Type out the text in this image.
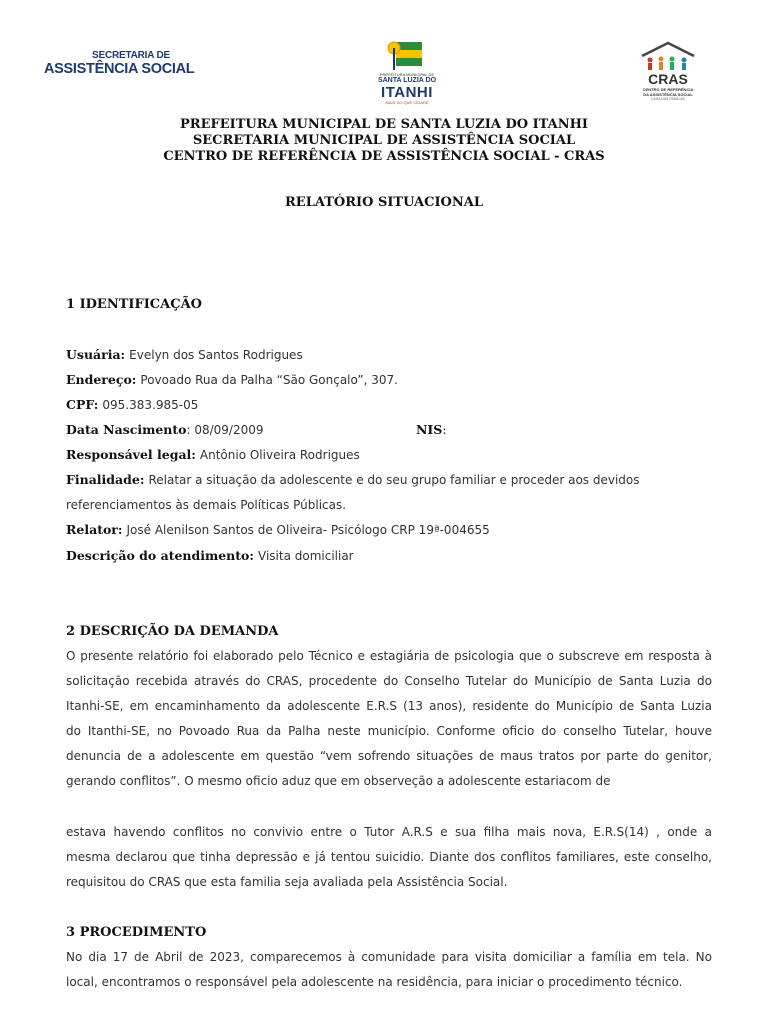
SECRETARIA DE
ASSISTÊNCIA SOCIAL	PREFEITURA MUNICIPAL DE
SANTA LUZIA DO
ITANHI
MAIS DO QUE CIDADE
CRAS
CENTRO DE REFERÊNCIA
DA ASSISTÊNCIA SOCIAL
CASA DAS FAMÍLIAS
PREFEITURA MUNICIPAL DE SANTA LUZIA DO ITANHI
SECRETARIA MUNICIPAL DE ASSISTÊNCIA SOCIAL
CENTRO DE REFERÊNCIA DE ASSISTÊNCIA SOCIAL - CRAS
RELATÓRIO SITUACIONAL
1 IDENTIFICAÇÃO
Usuária: Evelyn dos Santos Rodrigues
Endereço: Povoado Rua da Palha “São Gonçalo”, 307.
CPF: 095.383.985-05
Data Nascimento: 08/09/2009	NIS:
Responsável legal: Antônio Oliveira Rodrigues
Finalidade: Relatar a situação da adolescente e do seu grupo familiar e proceder aos devidos
referenciamentos às demais Políticas Públicas.
Relator: José Alenilson Santos de Oliveira- Psicólogo CRP 19ª-004655
Descrição do atendimento: Visita domiciliar
2 DESCRIÇÃO DA DEMANDA
O presente relatório foi elaborado pelo Técnico e estagiária de psicologia que o subscreve em resposta à
solicitação recebida através do CRAS, procedente do Conselho Tutelar do Município de Santa Luzia do
Itanhi-SE, em encaminhamento da adolescente E.R.S (13 anos), residente do Município de Santa Luzia
do Itanthi-SE, no Povoado Rua da Palha neste município. Conforme oficio do conselho Tutelar, houve
denuncia de a adolescente em questão “vem sofrendo situações de maus tratos por parte do genitor,
gerando conflitos”. O mesmo oficio aduz que em observeção a adolescente estariacom de
estava havendo conflitos no convivio entre o Tutor A.R.S e sua filha mais nova, E.R.S(14) , onde a
mesma declarou que tinha depressão e já tentou suicidio. Diante dos conflitos familiares, este conselho,
requisitou do CRAS que esta familia seja avaliada pela Assistência Social.
3 PROCEDIMENTO
No dia 17 de Abril de 2023, comparecemos à comunidade para visita domiciliar a família em tela. No
local, encontramos o responsável pela adolescente na residência, para iniciar o procedimento técnico.
